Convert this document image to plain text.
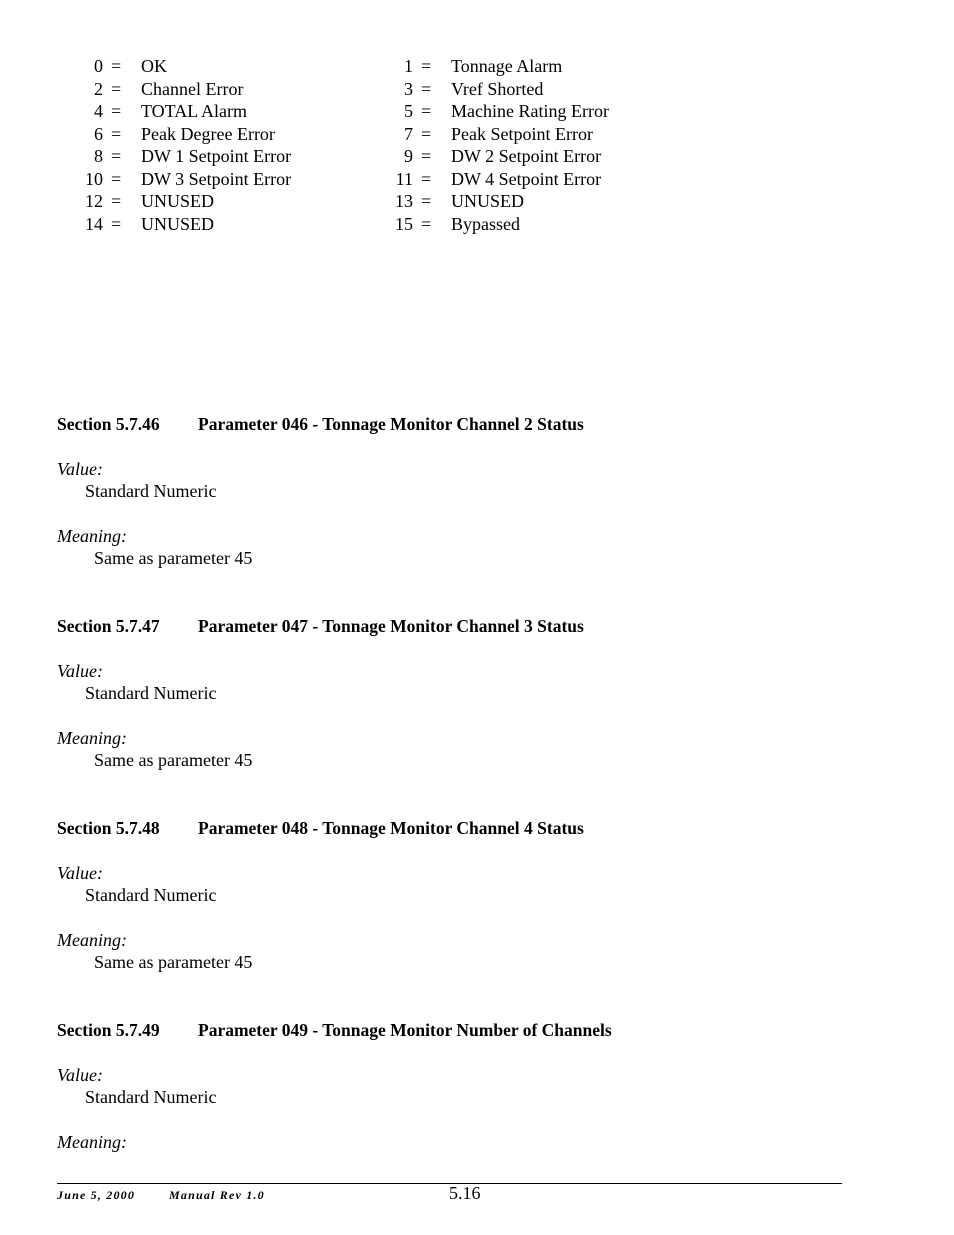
0 = OK	1 = Tonnage Alarm
2 = Channel Error	3 = Vref Shorted
4 = TOTAL Alarm	5 = Machine Rating Error
6 = Peak Degree Error	7 = Peak Setpoint Error
8 = DW 1 Setpoint Error	9 = DW 2 Setpoint Error
10 = DW 3 Setpoint Error	11 = DW 4 Setpoint Error
12 = UNUSED	13 = UNUSED
14 = UNUSED	15 = Bypassed
Section 5.7.46 Parameter 046 - Tonnage Monitor Channel 2 Status
Value:
Standard Numeric
Meaning:
Same as parameter 45
Section 5.7.47 Parameter 047 - Tonnage Monitor Channel 3 Status
Value:
Standard Numeric
Meaning:
Same as parameter 45
Section 5.7.48 Parameter 048 - Tonnage Monitor Channel 4 Status
Value:
Standard Numeric
Meaning:
Same as parameter 45
Section 5.7.49 Parameter 049 - Tonnage Monitor Number of Channels
Value:
Standard Numeric
Meaning:
June 5, 2000	Manual Rev 1.0	5.16
